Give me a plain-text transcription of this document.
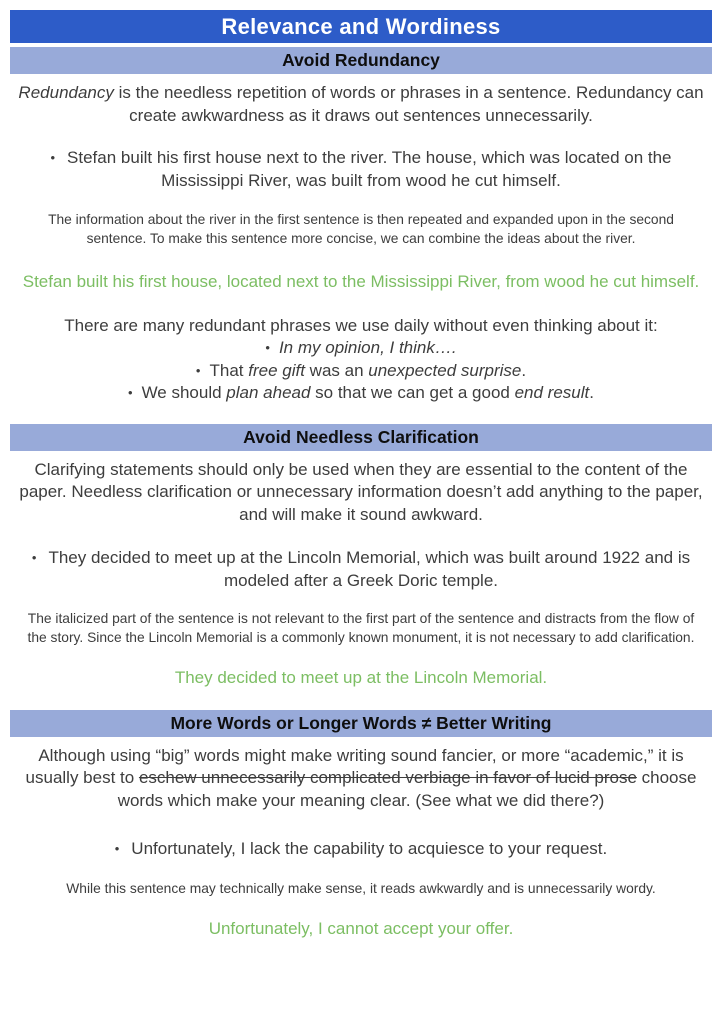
Relevance and Wordiness
Avoid Redundancy

Redundancy is the needless repetition of words or phrases in a sentence. Redundancy can create awkwardness as it draws out sentences unnecessarily.

• Stefan built his first house next to the river. The house, which was located on the Mississippi River, was built from wood he cut himself.

The information about the river in the first sentence is then repeated and expanded upon in the second sentence. To make this sentence more concise, we can combine the ideas about the river.

Stefan built his first house, located next to the Mississippi River, from wood he cut himself.

There are many redundant phrases we use daily without even thinking about it:

• In my opinion, I think….

• That free gift was an unexpected surprise.

• We should plan ahead so that we can get a good end result.

Avoid Needless Clarification

Clarifying statements should only be used when they are essential to the content of the paper. Needless clarification or unnecessary information doesn’t add anything to the paper, and will make it sound awkward.

• They decided to meet up at the Lincoln Memorial, which was built around 1922 and is modeled after a Greek Doric temple.

The italicized part of the sentence is not relevant to the first part of the sentence and distracts from the flow of the story. Since the Lincoln Memorial is a commonly known monument, it is not necessary to add clarification.

They decided to meet up at the Lincoln Memorial.

More Words or Longer Words ≠ Better Writing

Although using “big” words might make writing sound fancier, or more “academic,” it is usually best to eschew unnecessarily complicated verbiage in favor of lucid prose choose words which make your meaning clear. (See what we did there?)

• Unfortunately, I lack the capability to acquiesce to your request.

While this sentence may technically make sense, it reads awkwardly and is unnecessarily wordy.

Unfortunately, I cannot accept your offer.
